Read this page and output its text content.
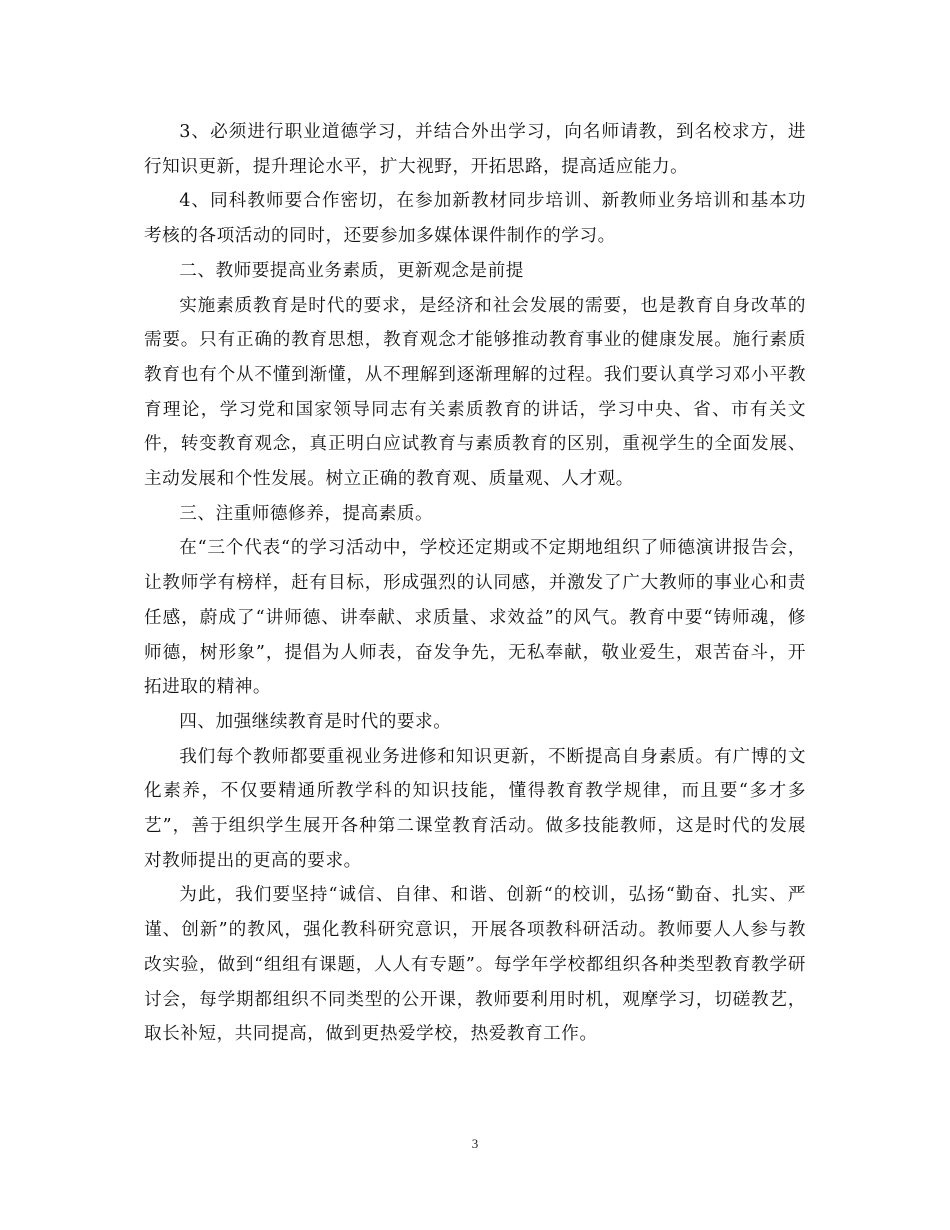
3、必须进行职业道德学习，并结合外出学习，向名师请教，到名校求方，进行知识更新，提升理论水平，扩大视野，开拓思路，提高适应能力。

4、同科教师要合作密切，在参加新教材同步培训、新教师业务培训和基本功考核的各项活动的同时，还要参加多媒体课件制作的学习。

二、教师要提高业务素质，更新观念是前提

实施素质教育是时代的要求，是经济和社会发展的需要，也是教育自身改革的需要。只有正确的教育思想，教育观念才能够推动教育事业的健康发展。施行素质教育也有个从不懂到渐懂，从不理解到逐渐理解的过程。我们要认真学习邓小平教育理论，学习党和国家领导同志有关素质教育的讲话，学习中央、省、市有关文件，转变教育观念，真正明白应试教育与素质教育的区别，重视学生的全面发展、主动发展和个性发展。树立正确的教育观、质量观、人才观。

三、注重师德修养，提高素质。

在“三个代表“的学习活动中，学校还定期或不定期地组织了师德演讲报告会，让教师学有榜样，赶有目标，形成强烈的认同感，并激发了广大教师的事业心和责任感，蔚成了“讲师德、讲奉献、求质量、求效益”的风气。教育中要“铸师魂，修师德，树形象”，提倡为人师表，奋发争先，无私奉献，敬业爱生，艰苦奋斗，开拓进取的精神。

四、加强继续教育是时代的要求。

我们每个教师都要重视业务进修和知识更新，不断提高自身素质。有广博的文化素养，不仅要精通所教学科的知识技能，懂得教育教学规律，而且要“多才多艺”，善于组织学生展开各种第二课堂教育活动。做多技能教师，这是时代的发展对教师提出的更高的要求。

为此，我们要坚持“诚信、自律、和谐、创新“的校训，弘扬“勤奋、扎实、严谨、创新”的教风，强化教科研究意识，开展各项教科研活动。教师要人人参与教改实验，做到“组组有课题，人人有专题”。每学年学校都组织各种类型教育教学研讨会，每学期都组织不同类型的公开课，教师要利用时机，观摩学习，切磋教艺，取长补短，共同提高，做到更热爱学校，热爱教育工作。

3
